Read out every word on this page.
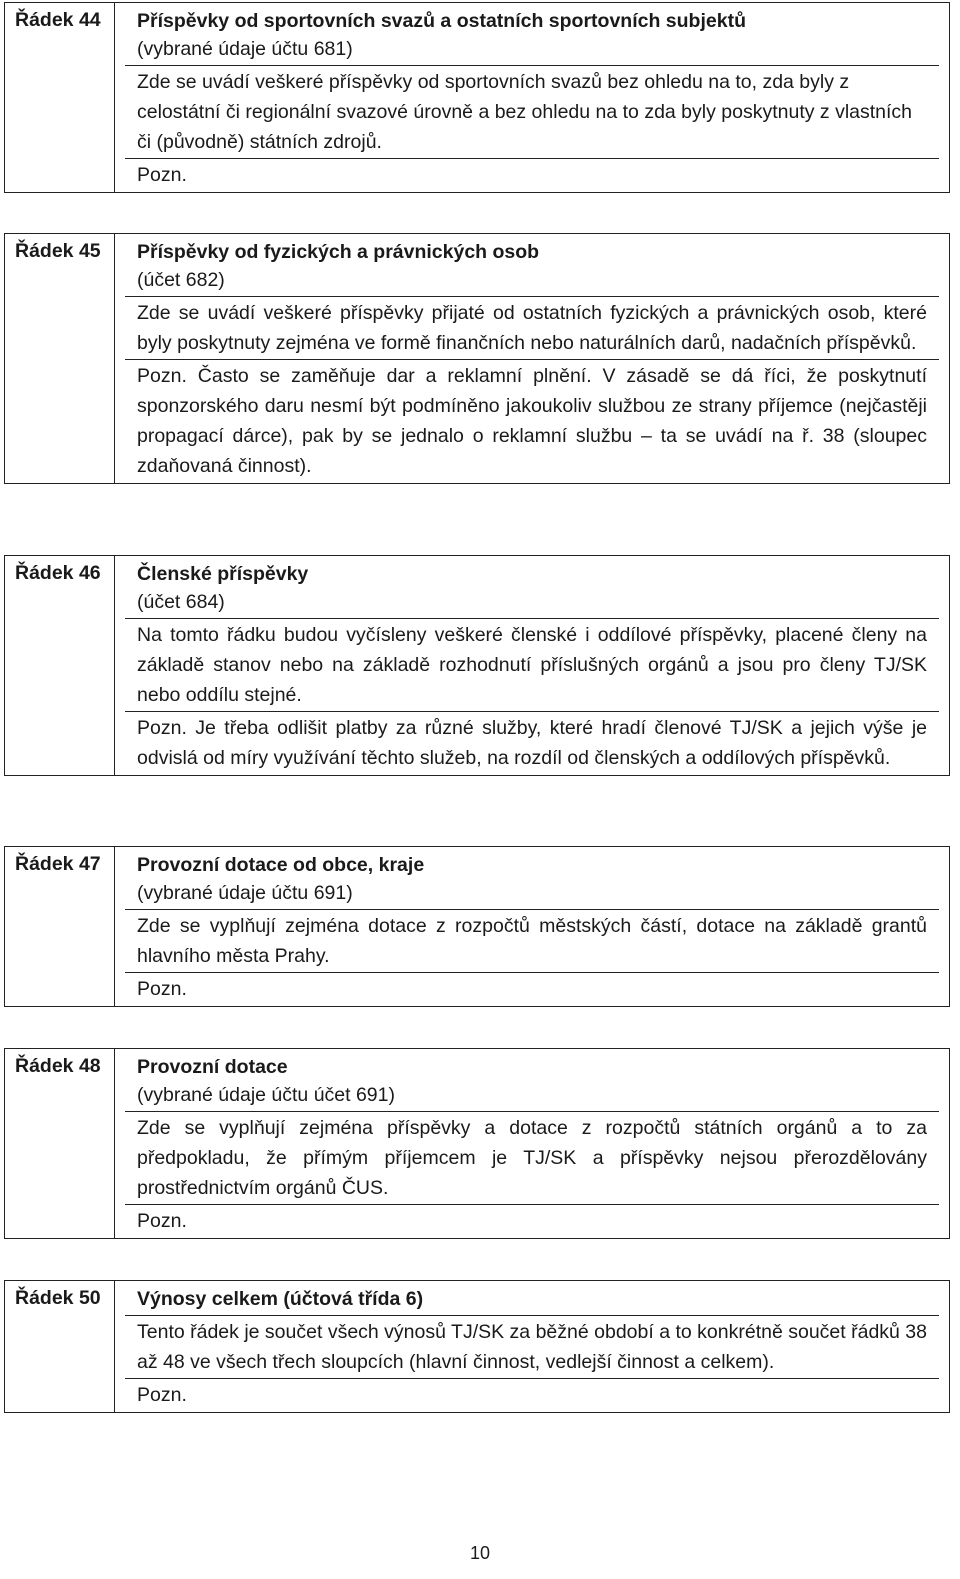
Řádek 44	Příspěvky od sportovních svazů a ostatních sportovních subjektů
(vybrané údaje účtu 681)
Zde se uvádí veškeré příspěvky od sportovních svazů bez ohledu na to, zda byly z celostátní či regionální svazové úrovně a bez ohledu na to zda byly poskytnuty z vlastních či (původně) státních zdrojů.
Pozn.
Řádek 45	Příspěvky od fyzických a právnických osob
(účet 682)
Zde se uvádí veškeré příspěvky přijaté od ostatních fyzických a právnických osob, které byly poskytnuty zejména ve formě finančních nebo naturálních darů, nadačních příspěvků.
Pozn. Často se zaměňuje dar a reklamní plnění. V zásadě se dá říci, že poskytnutí sponzorského daru nesmí být podmíněno jakoukoliv službou ze strany příjemce (nejčastěji propagací dárce), pak by se jednalo o reklamní službu – ta se uvádí na ř. 38 (sloupec zdaňovaná činnost).
Řádek 46	Členské příspěvky
(účet 684)
Na tomto řádku budou vyčísleny veškeré členské i oddílové příspěvky, placené členy na základě stanov nebo na základě rozhodnutí příslušných orgánů a jsou pro členy TJ/SK nebo oddílu stejné.
Pozn. Je třeba odlišit platby za různé služby, které hradí členové TJ/SK a jejich výše je odvislá od míry využívání těchto služeb, na rozdíl od členských a oddílových příspěvků.
Řádek 47	Provozní dotace od obce, kraje
(vybrané údaje účtu 691)
Zde se vyplňují zejména dotace z rozpočtů městských částí, dotace na základě grantů hlavního města Prahy.
Pozn.
Řádek 48	Provozní dotace
(vybrané údaje účtu účet 691)
Zde se vyplňují zejména příspěvky a dotace z rozpočtů státních orgánů a to za předpokladu, že přímým příjemcem je TJ/SK a příspěvky nejsou přerozdělovány prostřednictvím orgánů ČUS.
Pozn.
Řádek 50	Výnosy celkem (účtová třída 6)
Tento řádek je součet všech výnosů TJ/SK za běžné období a to konkrétně součet řádků 38 až 48 ve všech třech sloupcích (hlavní činnost, vedlejší činnost a celkem).
Pozn.
10
